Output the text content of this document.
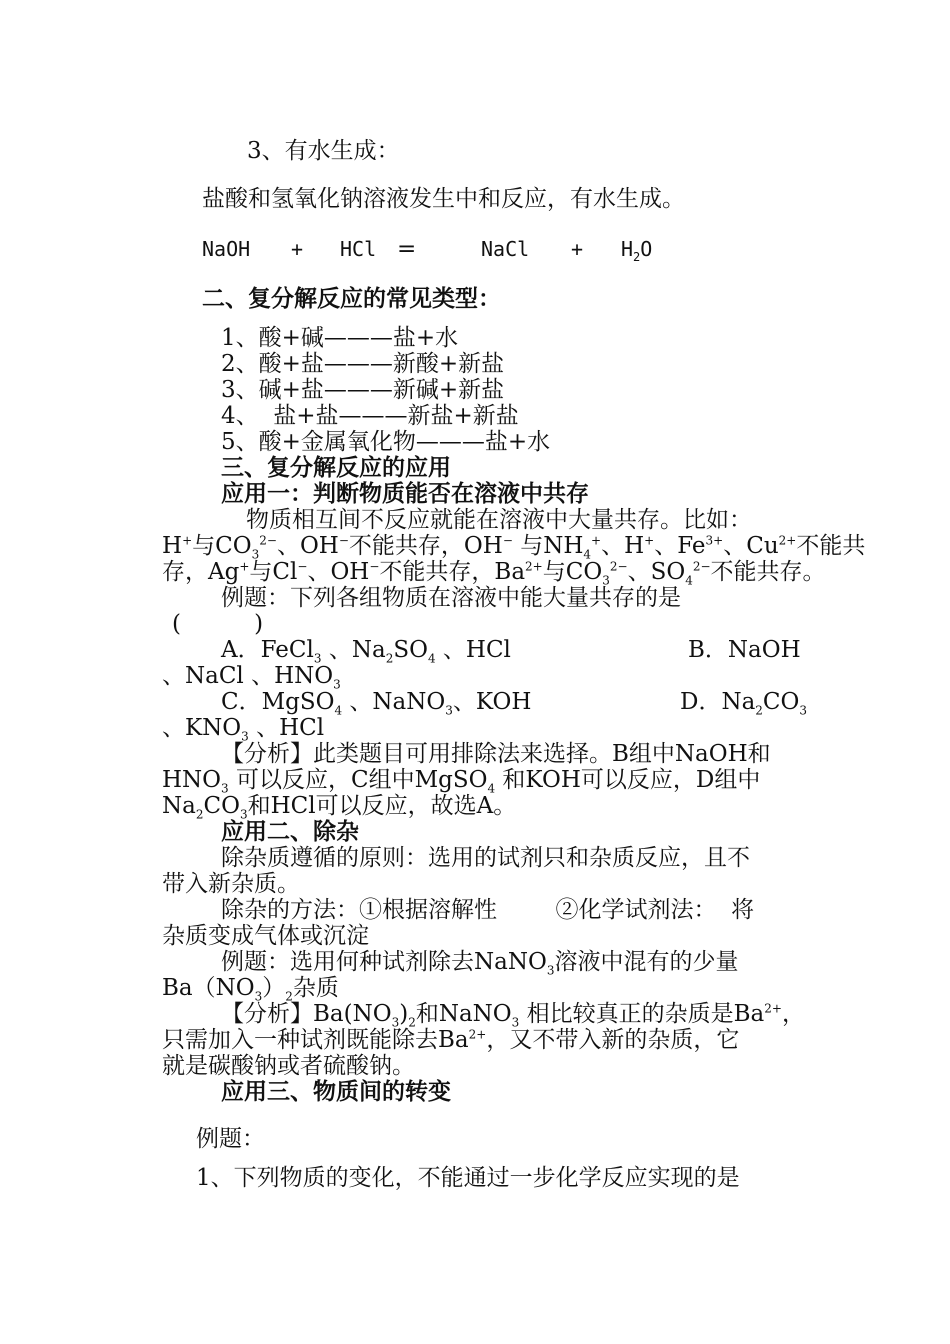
3、有水生成：
盐酸和氢氧化钠溶液发生中和反应，有水生成。

NaOH

+

HCl

=

	NaCl

+

$H_2O$

二、复分解反应的常见类型：
1、酸+碱———盐+水
2、酸+盐———新酸+新盐
3、碱+盐———新碱+新盐
4、  盐+盐———新盐+新盐
5、酸+金属氧化物———盐+水
三、复分解反应的应用
应用一：判断物质能否在溶液中共存
物质相互间不反应就能在溶液中大量共存。比如：
H+与$CO_3^{2-}$、OH−不能共存，OH− 与$NH_4^+$、H+、$Fe^{3+}$、$Cu^{2+}$不能共
存，Ag+与Cl−、OH−不能共存，$Ba^{2+}$与$CO_3^{2-}$、$SO_4^{2-}$不能共存。
例题：下列各组物质在溶液中能大量共存的是
(          )
A．FeCl$_3$ 、$Na_2SO_4$ 、HCl	B．NaOH
、NaCl 、$HNO_3$
C．MgSO$_4$ 、NaNO$_3$、KOH	D．$Na_2CO_3$
、$KNO_3$ 、HCl
【分析】此类题目可用排除法来选择。B组中NaOH和
$HNO_3$ 可以反应，C组中MgSO$_4$ 和KOH可以反应，D组中
$Na_2CO_3$和HCl可以反应，故选A。
应用二、除杂
除杂质遵循的原则：选用的试剂只和杂质反应，且不
带入新杂质。
除杂的方法：①根据溶解性        ②化学试剂法：  将
杂质变成气体或沉淀
例题：选用何种试剂除去NaNO$_3$溶液中混有的少量
$Ba(NO_3)_2$杂质
【分析】$Ba(NO_3)_2$和NaNO$_3$ 相比较真正的杂质是$Ba^{2+}$，
只需加入一种试剂既能除去$Ba^{2+}$，又不带入新的杂质，它
就是碳酸钠或者硫酸钠。
应用三、物质间的转变
例题：
1、下列物质的变化，不能通过一步化学反应实现的是
